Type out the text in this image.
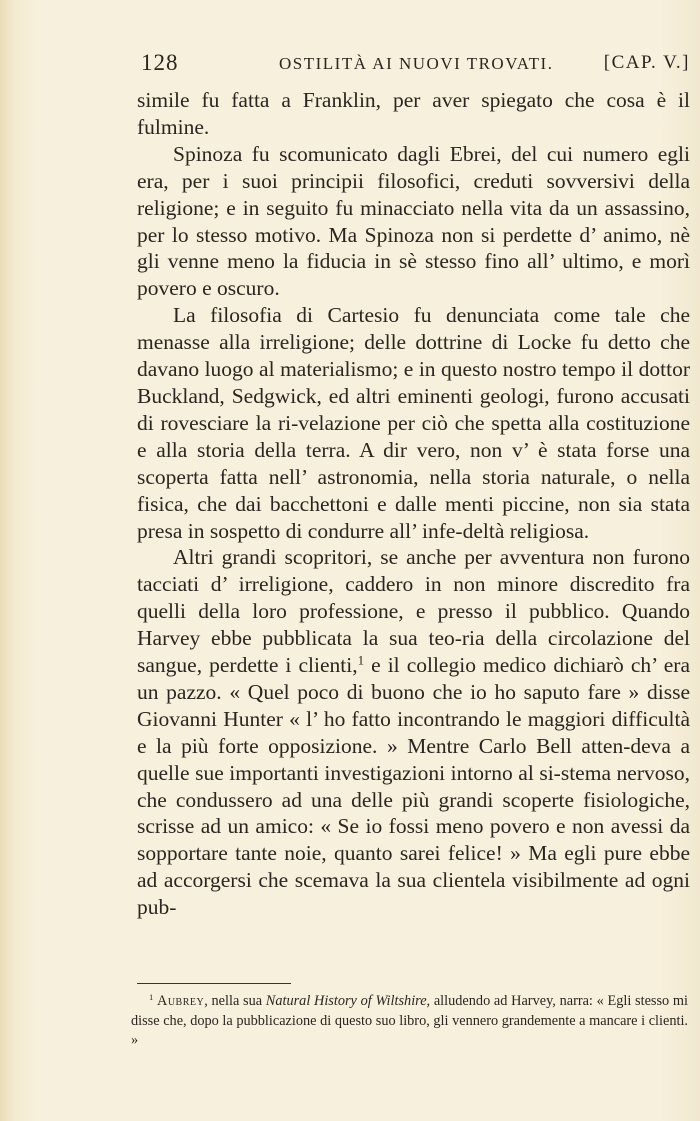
128	OSTILITÀ AI NUOVI TROVATI.	[CAP. V.]

simile fu fatta a Franklin, per aver spiegato che cosa è il fulmine.

Spinoza fu scomunicato dagli Ebrei, del cui numero egli era, per i suoi principii filosofici, creduti sovversivi della religione; e in seguito fu minacciato nella vita da un assassino, per lo stesso motivo. Ma Spinoza non si perdette d’ animo, nè gli venne meno la fiducia in sè stesso fino all’ ultimo, e morì povero e oscuro.

La filosofia di Cartesio fu denunciata come tale che menasse alla irreligione; delle dottrine di Locke fu detto che davano luogo al materialismo; e in questo nostro tempo il dottor Buckland, Sedgwick, ed altri eminenti geologi, furono accusati di rovesciare la ri-velazione per ciò che spetta alla costituzione e alla storia della terra. A dir vero, non v’ è stata forse una scoperta fatta nell’ astronomia, nella storia naturale, o nella fisica, che dai bacchettoni e dalle menti piccine, non sia stata presa in sospetto di condurre all’ infe-deltà religiosa.

Altri grandi scopritori, se anche per avventura non furono tacciati d’ irreligione, caddero in non minore discredito fra quelli della loro professione, e presso il pubblico. Quando Harvey ebbe pubblicata la sua teo-ria della circolazione del sangue, perdette i clienti,$^1$ e il collegio medico dichiarò ch’ era un pazzo. « Quel poco di buono che io ho saputo fare » disse Giovanni Hunter « l’ ho fatto incontrando le maggiori difficultà e la più forte opposizione. » Mentre Carlo Bell atten-deva a quelle sue importanti investigazioni intorno al si-stema nervoso, che condussero ad una delle più grandi scoperte fisiologiche, scrisse ad un amico: « Se io fossi meno povero e non avessi da sopportare tante noie, quanto sarei felice! » Ma egli pure ebbe ad accorgersi che scemava la sua clientela visibilmente ad ogni pub-

$^1$ Aubrey, nella sua Natural History of Wiltshire, alludendo ad Harvey, narra: « Egli stesso mi disse che, dopo la pubblicazione di questo suo libro, gli vennero grandemente a mancare i clienti. »
